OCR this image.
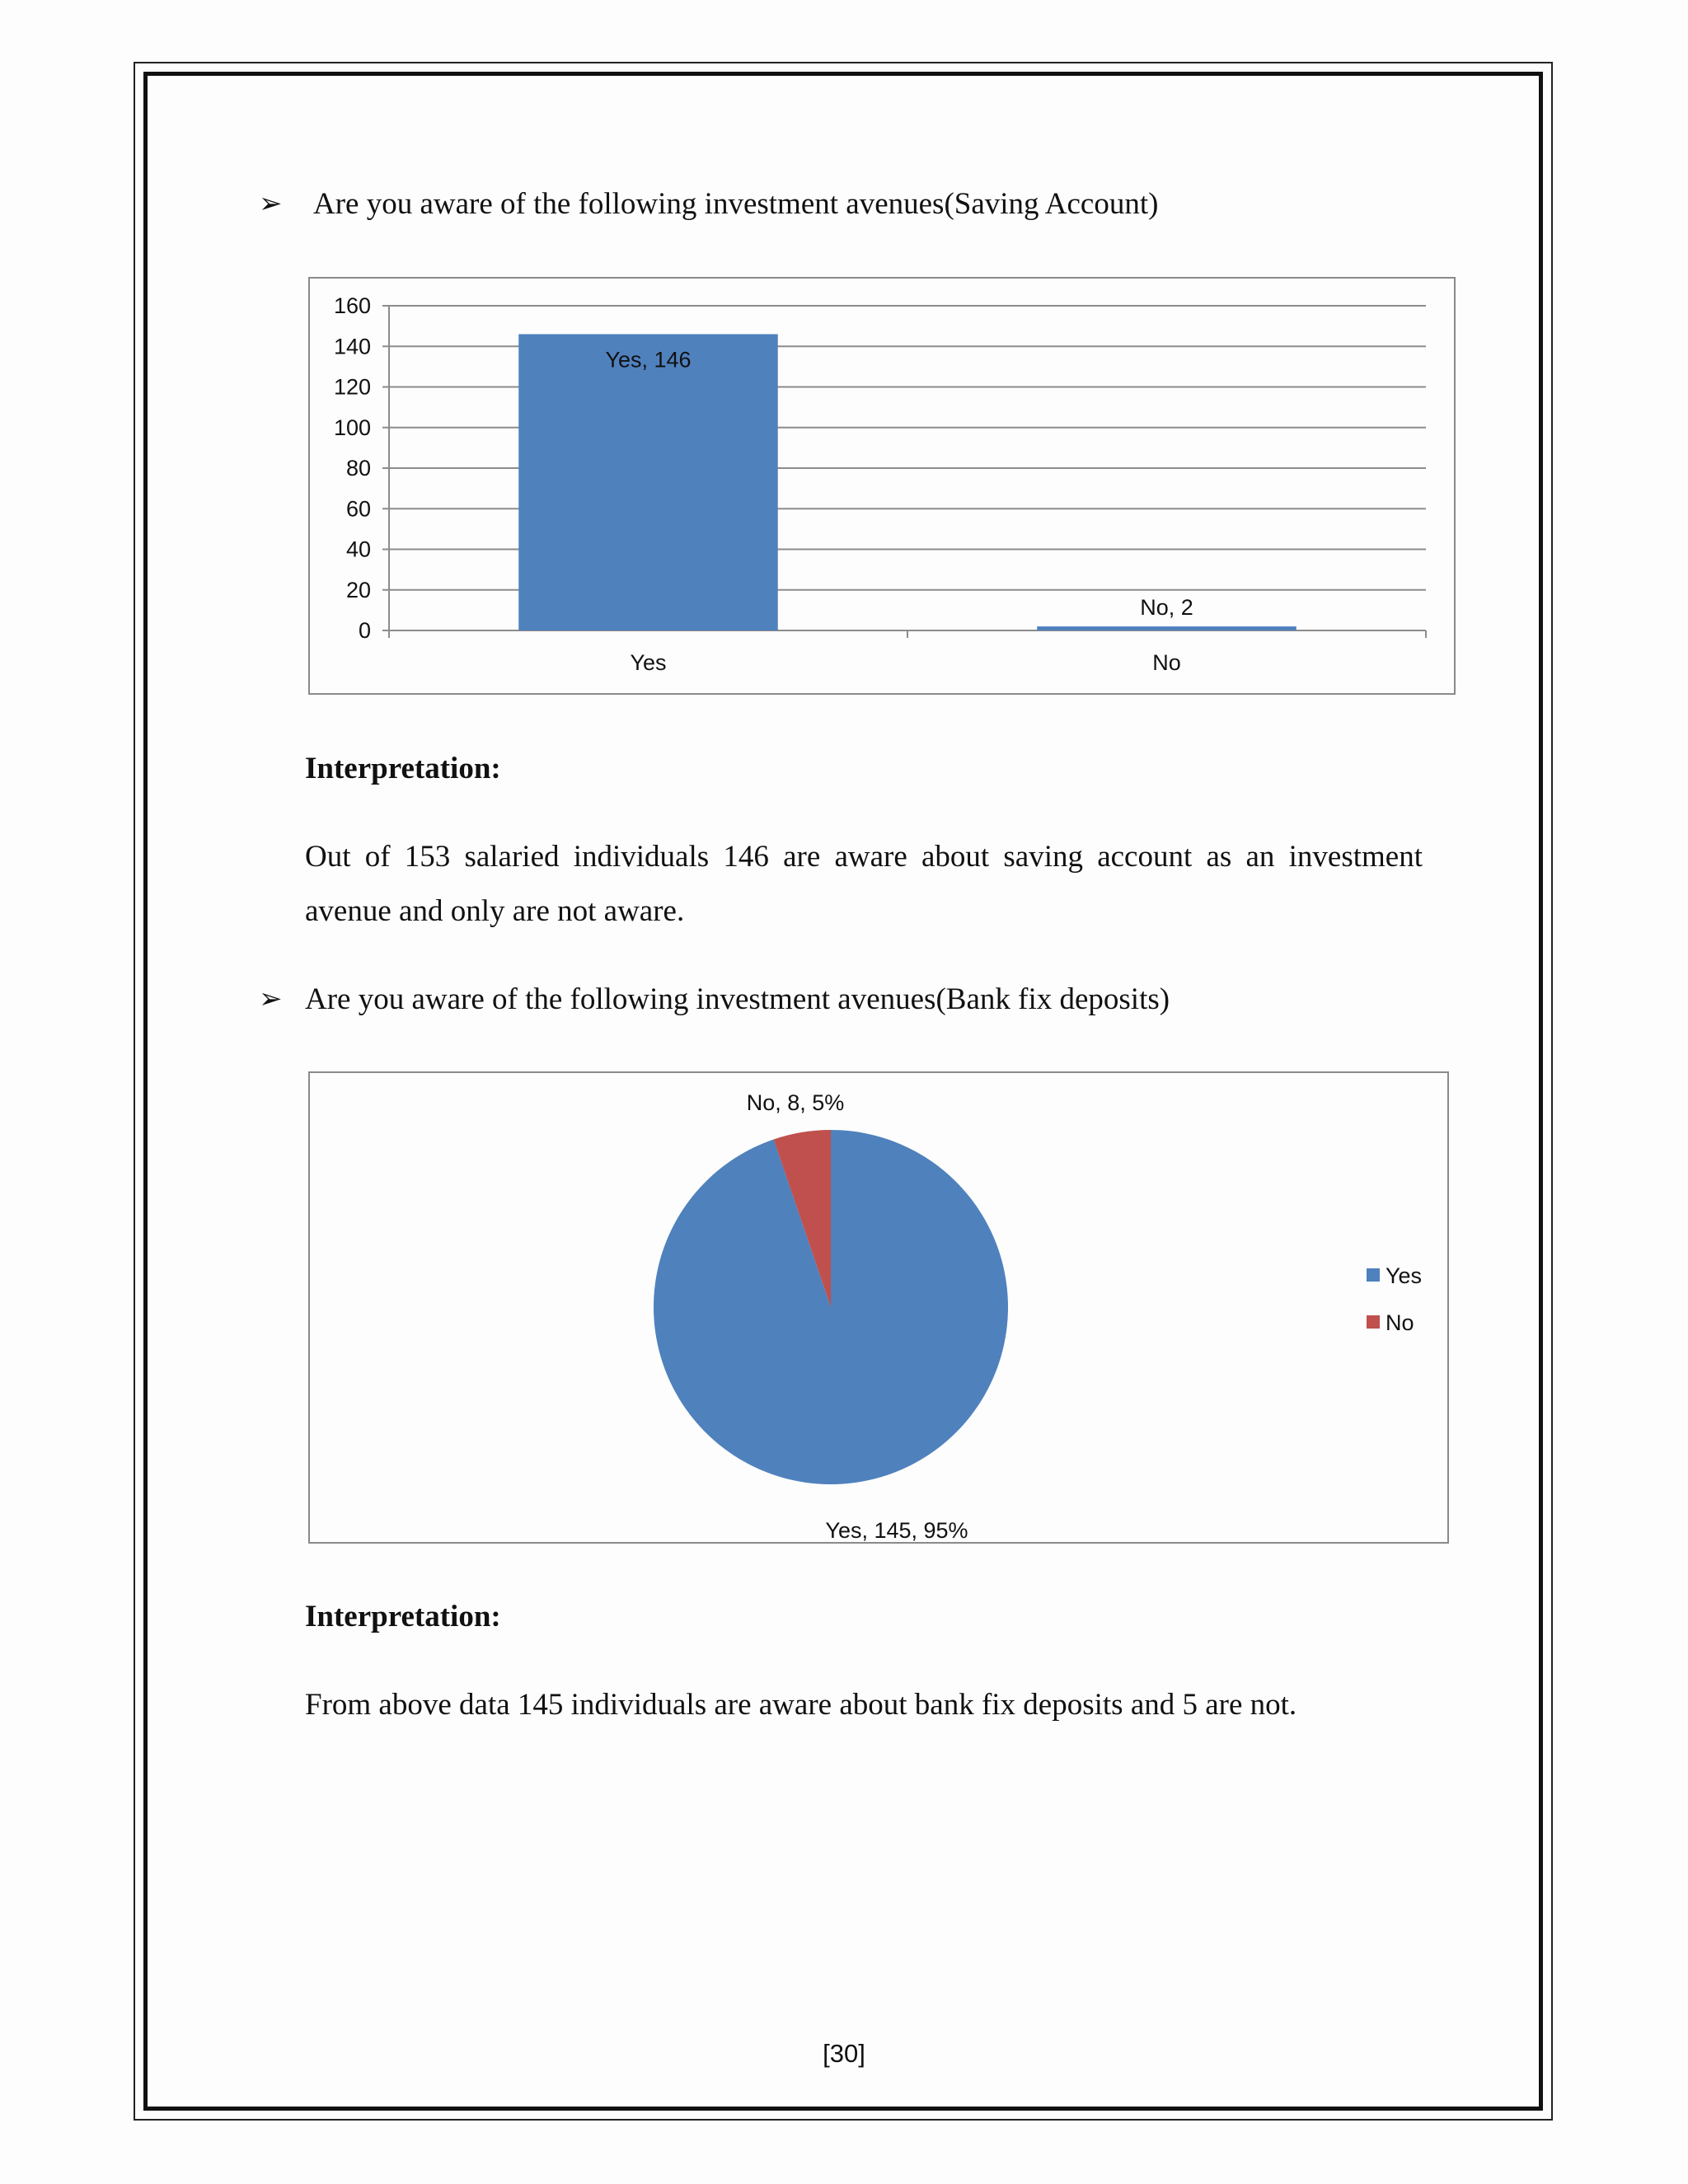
➢ Are you aware of the following investment avenues(Saving Account)
0
20
40
60
80
100
120
140
160
Yes, 146
Yes
No, 2
No
Interpretation:
Out of 153 salaried individuals 146 are aware about saving account as an investment avenue and only are not aware.
➢ Are you aware of the following investment avenues(Bank fix deposits)
Yes, 145, 95%
No, 8, 5%
Yes
No
Interpretation:
From above data 145 individuals are aware about bank fix deposits and 5 are not.
[30]
